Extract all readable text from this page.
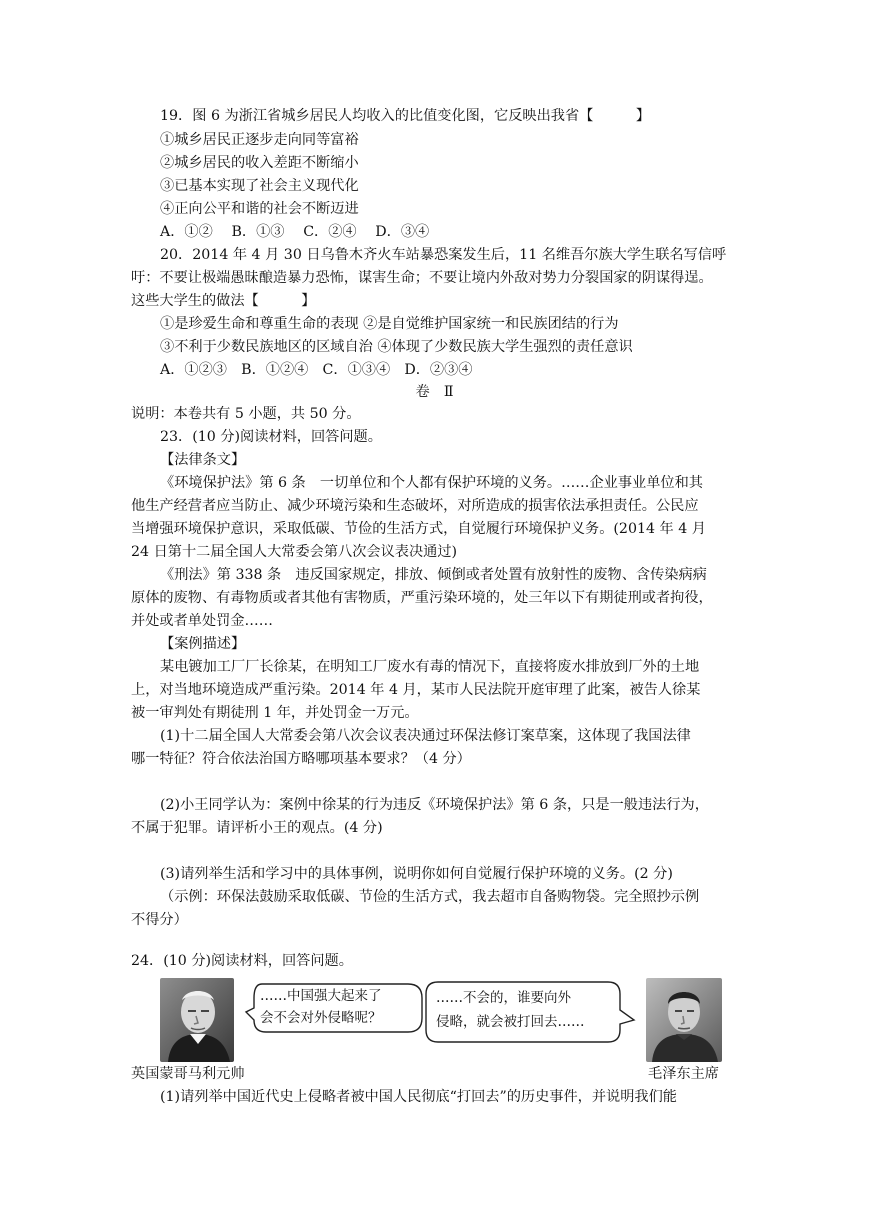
19．图 6 为浙江省城乡居民人均收入的比值变化图，它反映出我省【　　　】
①城乡居民正逐步走向同等富裕
②城乡居民的收入差距不断缩小
③已基本实现了社会主义现代化
④正向公平和谐的社会不断迈进
A．①②　 B．①③　 C．②④　 D．③④
20．2014 年 4 月 30 日乌鲁木齐火车站暴恐案发生后，11 名维吾尔族大学生联名写信呼
吁：不要让极端愚昧酿造暴力恐怖，谋害生命；不要让境内外敌对势力分裂国家的阴谋得逞。
这些大学生的做法【　　　】
①是珍爱生命和尊重生命的表现 ②是自觉维护国家统一和民族团结的行为
③不利于少数民族地区的区域自治 ④体现了少数民族大学生强烈的责任意识
A．①②③　B．①②④　C．①③④　D．②③④
卷　Ⅱ
说明：本卷共有 5 小题，共 50 分。
23．(10 分)阅读材料，回答问题。
【法律条文】
《环境保护法》第 6 条　一切单位和个人都有保护环境的义务。……企业事业单位和其
他生产经营者应当防止、减少环境污染和生态破坏，对所造成的损害依法承担责任。公民应
当增强环境保护意识，采取低碳、节俭的生活方式，自觉履行环境保护义务。(2014 年 4 月
24 日第十二届全国人大常委会第八次会议表决通过)
《刑法》第 338 条　违反国家规定，排放、倾倒或者处置有放射性的废物、含传染病病
原体的废物、有毒物质或者其他有害物质，严重污染环境的，处三年以下有期徒刑或者拘役，
并处或者单处罚金……
【案例描述】
某电镀加工厂厂长徐某，在明知工厂废水有毒的情况下，直接将废水排放到厂外的土地
上，对当地环境造成严重污染。2014 年 4 月，某市人民法院开庭审理了此案，被告人徐某
被一审判处有期徒刑 1 年，并处罚金一万元。
(1)十二届全国人大常委会第八次会议表决通过环保法修订案草案，这体现了我国法律
哪一特征？符合依法治国方略哪项基本要求？（4 分）
(2)小王同学认为：案例中徐某的行为违反《环境保护法》第 6 条，只是一般违法行为，
不属于犯罪。请评析小王的观点。(4 分)
(3)请列举生活和学习中的具体事例，说明你如何自觉履行保护环境的义务。(2 分)
（示例：环保法鼓励采取低碳、节俭的生活方式，我去超市自备购物袋。完全照抄示例
不得分）
24．(10 分)阅读材料，回答问题。
……中国强大起来了
会不会对外侵略呢？
……不会的，谁要向外
侵略，就会被打回去……
英国蒙哥马利元帅	毛泽东主席
(1)请列举中国近代史上侵略者被中国人民彻底“打回去”的历史事件，并说明我们能
